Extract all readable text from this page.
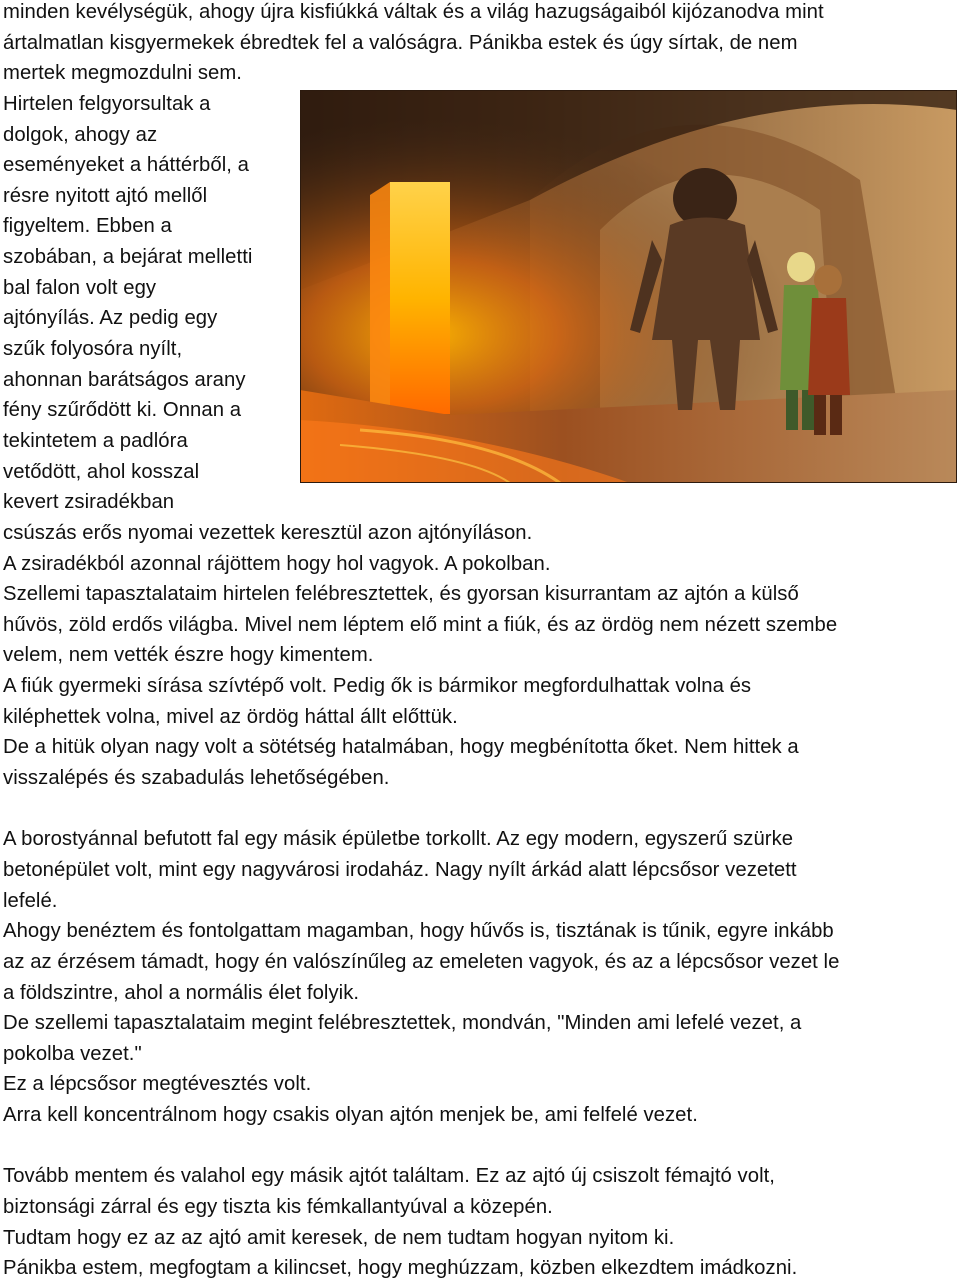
minden kevélységük, ahogy újra kisfiúkká váltak és a világ hazugságaiból kijózanodva mint
ártalmatlan kisgyermekek ébredtek fel a valóságra. Pánikba estek és úgy sírtak, de nem
mertek megmozdulni sem.
Hirtelen felgyorsultak a
dolgok, ahogy az
eseményeket a háttérből, a
résre nyitott ajtó mellől
figyeltem. Ebben a
szobában, a bejárat melletti
bal falon volt egy
ajtónyílás. Az pedig egy
szűk folyosóra nyílt,
ahonnan barátságos arany
fény szűrődött ki. Onnan a
tekintetem a padlóra
vetődött, ahol kosszal
kevert zsiradékban
csúszás erős nyomai vezettek keresztül azon ajtónyíláson.
A zsiradékból azonnal rájöttem hogy hol vagyok. A pokolban.
Szellemi tapasztalataim hirtelen felébresztettek, és gyorsan kisurrantam az ajtón a külső
hűvös, zöld erdős világba. Mivel nem léptem elő mint a fiúk, és az ördög nem nézett szembe
velem, nem vették észre hogy kimentem.
A fiúk gyermeki sírása szívtépő volt. Pedig ők is bármikor megfordulhattak volna és
kiléphettek volna, mivel az ördög háttal állt előttük.
De a hitük olyan nagy volt a sötétség hatalmában, hogy megbénította őket. Nem hittek a
visszalépés és szabadulás lehetőségében.
A borostyánnal befutott fal egy másik épületbe torkollt. Az egy modern, egyszerű szürke
betonépület volt, mint egy nagyvárosi irodaház. Nagy nyílt árkád alatt lépcsősor vezetett
lefelé.
Ahogy benéztem és fontolgattam magamban, hogy hűvős is, tisztának is tűnik, egyre inkább
az az érzésem támadt, hogy én valószínűleg az emeleten vagyok, és az a lépcsősor vezet le
a földszintre, ahol a normális élet folyik.
De szellemi tapasztalataim megint felébresztettek, mondván, "Minden ami lefelé vezet, a
pokolba vezet."
Ez a lépcsősor megtévesztés volt.
Arra kell koncentrálnom hogy csakis olyan ajtón menjek be, ami felfelé vezet.
Tovább mentem és valahol egy másik ajtót találtam. Ez az ajtó új csiszolt fémajtó volt,
biztonsági zárral és egy tiszta kis fémkallantyúval a közepén.
Tudtam hogy ez az az ajtó amit keresek, de nem tudtam hogyan nyitom ki.
Pánikba estem, megfogtam a kilincset, hogy meghúzzam, közben elkezdtem imádkozni.
